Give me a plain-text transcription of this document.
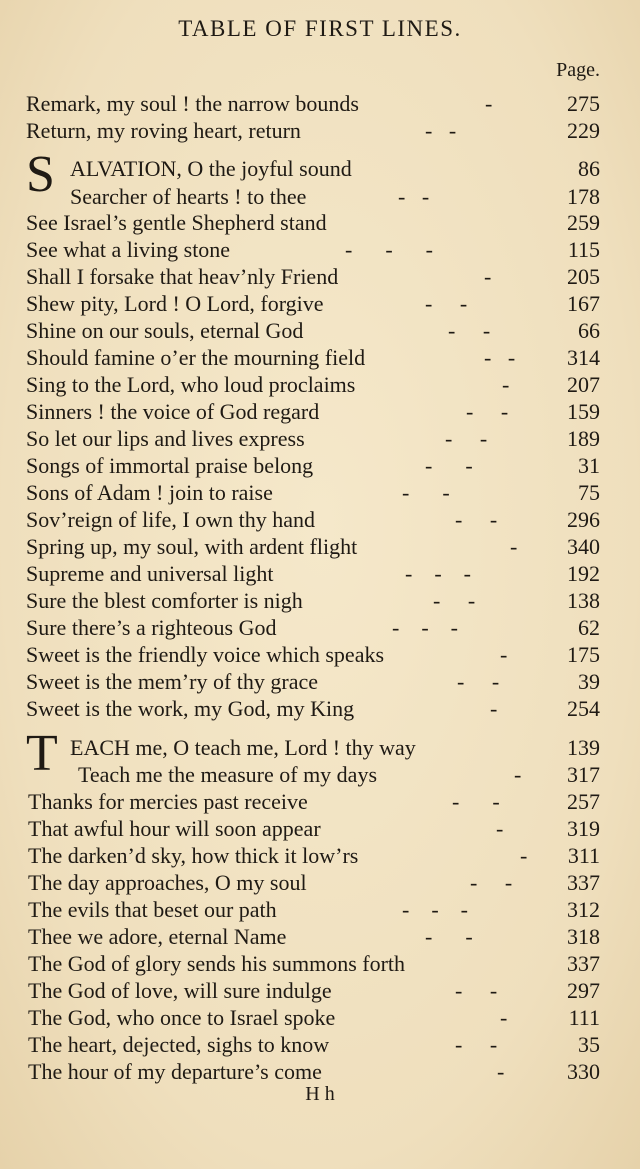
TABLE OF FIRST LINES.
Page.
Remark, my soul ! the narrow bounds	-	275
Return, my roving heart, return	-   -	229
ALVATION, O the joyful sound	86
S Searcher of hearts ! to thee	-   -	178
See Israel’s gentle Shepherd stand	259
See what a living stone	-      -      -	115
Shall I forsake that heav’nly Friend	-	205
Shew pity, Lord ! O Lord, forgive	-     -	167
Shine on our souls, eternal God	-     -	66
Should famine o’er the mourning field	-   - 314
Sing to the Lord, who loud proclaims	-	207
Sinners ! the voice of God regard	-     -	159
So let our lips and lives express	-     -	189
Songs of immortal praise belong	-      -	31
Sons of Adam ! join to raise	-      -	75
Sov’reign of life, I own thy hand	-     -	296
Spring up, my soul, with ardent flight	- 340
Supreme and universal light	-    -    -	192
Sure the blest comforter is nigh	-     -	138
Sure there’s a righteous God	-    -    -	62
Sweet is the friendly voice which speaks	-	175
Sweet is the mem’ry of thy grace	-     -	39
Sweet is the work, my God, my King	-	254
EACH me, O teach me, Lord ! thy way	139
T Teach me the measure of my days	- 317
Thanks for mercies past receive	-      -	257
That awful hour will soon appear	-	319
The darken’d sky, how thick it low’rs	- 311
The day approaches, O my soul	-     - 337
The evils that beset our path	-    -    -	312
Thee we adore, eternal Name	-      -	318
The God of glory sends his summons forth	337
The God of love, will sure indulge	-     -	297
The God, who once to Israel spoke	-	111
The heart, dejected, sighs to know	-     -	35
The hour of my departure’s come	-	330
H h
